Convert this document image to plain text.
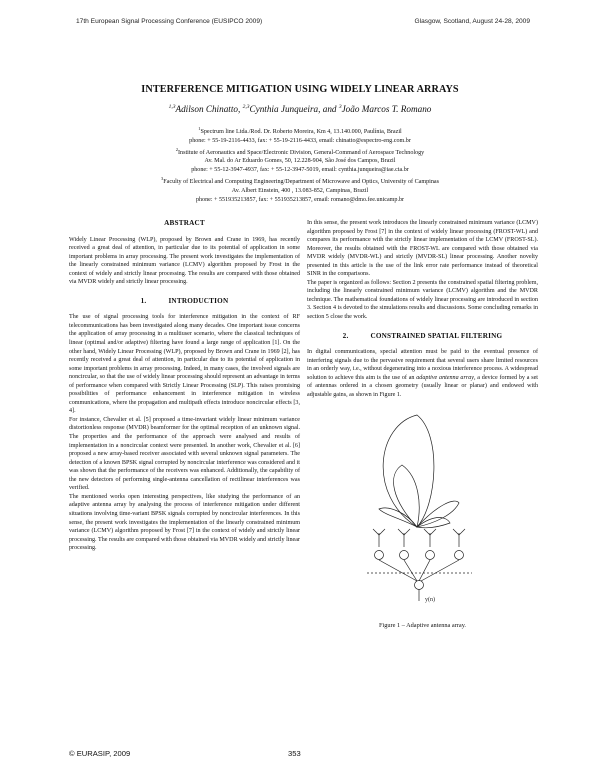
17th European Signal Processing Conference (EUSIPCO 2009)	Glasgow, Scotland, August 24-28, 2009
INTERFERENCE MITIGATION USING WIDELY LINEAR ARRAYS
$^{1,3}$Adilson Chinatto, $^{2,3}$Cynthia Junqueira, and $^3$João Marcos T. Romano

$^1$Spectrum line Ltda./Rod. Dr. Roberto Moreira, Km 4, 13.140.000, Paulínia, Brazil

phone: + 55-19-2116-4433, fax: + 55-19-2116-4433, email: chinatto@espectro-eng.com.br

$^2$Institute of Aeronautics and Space/Electronic Division, General-Command of Aerospace Technology

Av. Mal. do Ar Eduardo Gomes, 50, 12.228-904, São José dos Campos, Brazil

phone: + 55-12-3947-4937, fax: + 55-12-3947-5019, email: cynthia.junqueira@iae.cta.br

$^3$Faculty of Electrical and Computing Engineering/Department of Microwave and Optics, University of Campinas

Av. Albert Einstein, 400 , 13.083-852, Campinas, Brazil

phone: + 551935213857, fax: + 551935213857, email: romano@dmo.fee.unicamp.br

ABSTRACT

Widely Linear Processing (WLP), proposed by Brown and Crane in 1969, has recently received a great deal of attention, in particular due to its potential of application in some important problems in array processing. The present work investigates the implementation of the linearly constrained minimum variance (LCMV) algorithm proposed by Frost in the context of widely and strictly linear processing. The results are compared with those obtained via MVDR widely and strictly linear processing.

1.	INTRODUCTION

The use of signal processing tools for interference mitigation in the context of RF telecommunications has been investigated along many decades. One important issue concerns the application of array processing in a multiuser scenario, where the classical techniques of linear (optimal and/or adaptive) filtering have found a large range of application [1]. On the other hand, Widely Linear Processing (WLP), proposed by Brown and Crane in 1969 [2], has recently received a great deal of attention, in particular due to its potential of application in some important problems in array processing. Indeed, in many cases, the involved signals are noncircular, so that the use of widely linear processing should represent an advantage in terms of performance when compared with Strictly Linear Processing (SLP). This raises promising possibilities of performance enhancement in interference mitigation in wireless communications, where the propagation and multipath effects introduce noncircular effects [3, 4].

For instance, Chevalier et al. [5] proposed a time-invariant widely linear minimum variance distortionless response (MVDR) beamformer for the optimal reception of an unknown signal. The properties and the performance of the approach were analysed and results of implementation in a noncircular context were presented. In another work, Chevalier et al. [6] proposed a new array-based receiver associated with several unknown signal parameters. The detection of a known BPSK signal corrupted by noncircular interference was considered and it was shown that the performance of the receivers was enhanced. Additionally, the capability of the new detectors of performing single-antenna cancellation of rectilinear interferences was verified.

The mentioned works open interesting perspectives, like studying the performance of an adaptive antenna array by analysing the process of interference mitigation under different situations involving time-variant BPSK signals corrupted by noncircular interferences. In this sense, the present work investigates the implementation of the linearly constrained minimum variance (LCMV) algorithm proposed by Frost [7] in the context of widely and strictly linear processing. The results are compared with those obtained via MVDR widely and strictly linear processing.

In this sense, the present work introduces the linearly constrained minimum variance (LCMV) algorithm proposed by Frost [7] in the context of widely linear processing (FROST-WL) and compares its performance with the strictly linear implementation of the LCMV (FROST-SL). Moreover, the results obtained with the FROST-WL are compared with those obtained via MVDR widely (MVDR-WL) and strictly (MVDR-SL) linear processing. Another novelty presented in this article is the use of the link error rate performance instead of theoretical SINR in the comparisons.

The paper is organized as follows: Section 2 presents the constrained spatial filtering problem, including the linearly constrained minimum variance (LCMV) algorithm and the MVDR technique. The mathematical foundations of widely linear processing are introduced in section 3. Section 4 is devoted to the simulations results and discussions. Some concluding remarks in section 5 close the work.

2.	CONSTRAINED SPATIAL FILTERING

In digital communications, special attention must be paid to the eventual presence of interfering signals due to the pervasive requirement that several users share limited resources in an orderly way, i.e., without degenerating into a noxious interference process. A widespread solution to achieve this aim is the use of an adaptive antenna array, a device formed by a set of antennas ordered in a chosen geometry (usually linear or planar) and endowed with adjustable gains, as shown in Figure 1.

y(n)
Figure 1 – Adaptive antenna array.
© EURASIP, 2009	353
